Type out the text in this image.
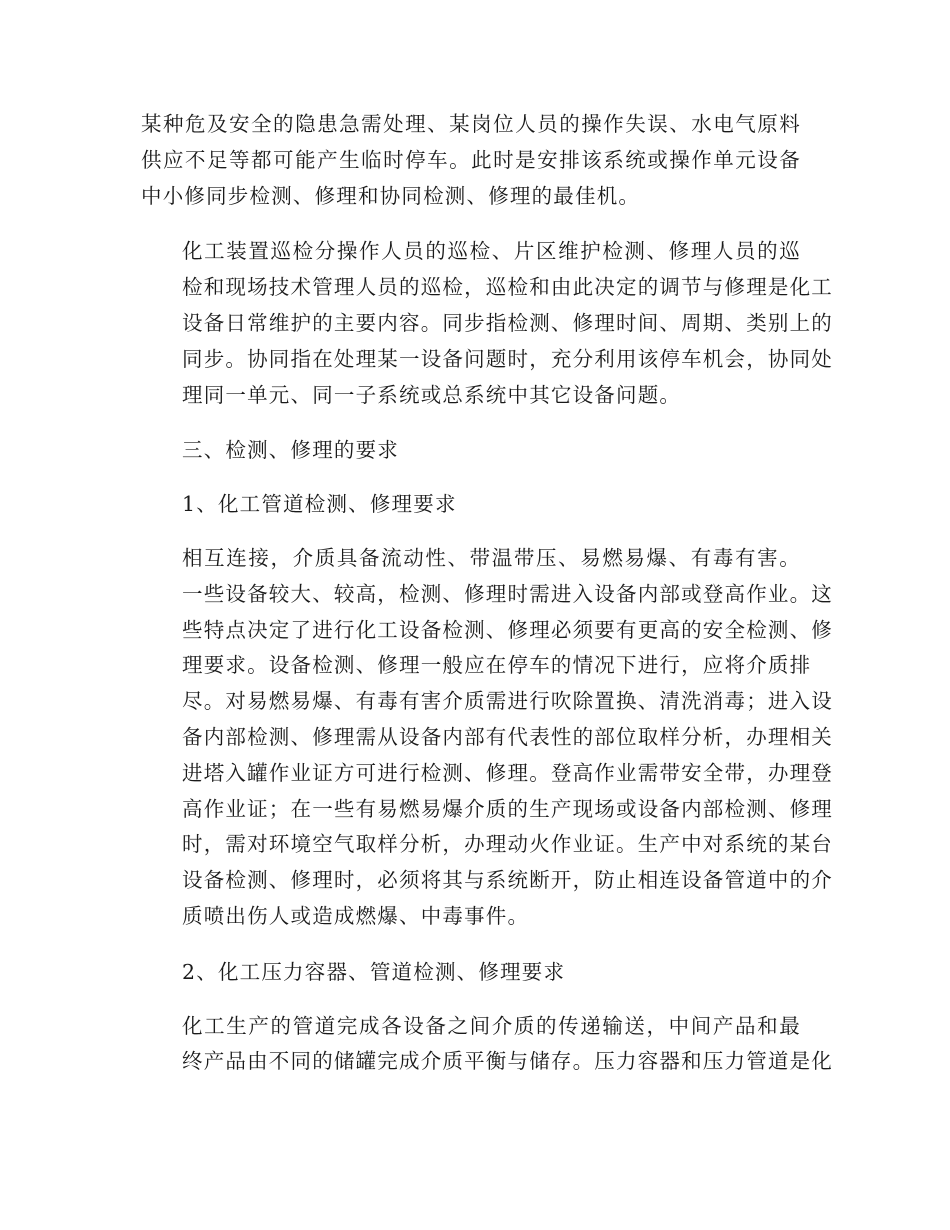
某种危及安全的隐患急需处理、某岗位人员的操作失误、水电气原料
供应不足等都可能产生临时停车。此时是安排该系统或操作单元设备
中小修同步检测、修理和协同检测、修理的最佳机。
化工装置巡检分操作人员的巡检、片区维护检测、修理人员的巡
检和现场技术管理人员的巡检，巡检和由此决定的调节与修理是化工
设备日常维护的主要内容。同步指检测、修理时间、周期、类别上的
同步。协同指在处理某一设备问题时，充分利用该停车机会，协同处
理同一单元、同一子系统或总系统中其它设备问题。
三、检测、修理的要求
1、化工管道检测、修理要求
相互连接，介质具备流动性、带温带压、易燃易爆、有毒有害。
一些设备较大、较高，检测、修理时需进入设备内部或登高作业。这
些特点决定了进行化工设备检测、修理必须要有更高的安全检测、修
理要求。设备检测、修理一般应在停车的情况下进行，应将介质排
尽。对易燃易爆、有毒有害介质需进行吹除置换、清洗消毒；进入设
备内部检测、修理需从设备内部有代表性的部位取样分析，办理相关
进塔入罐作业证方可进行检测、修理。登高作业需带安全带，办理登
高作业证；在一些有易燃易爆介质的生产现场或设备内部检测、修理
时，需对环境空气取样分析，办理动火作业证。生产中对系统的某台
设备检测、修理时，必须将其与系统断开，防止相连设备管道中的介
质喷出伤人或造成燃爆、中毒事件。
2、化工压力容器、管道检测、修理要求
化工生产的管道完成各设备之间介质的传递输送，中间产品和最
终产品由不同的储罐完成介质平衡与储存。压力容器和压力管道是化
